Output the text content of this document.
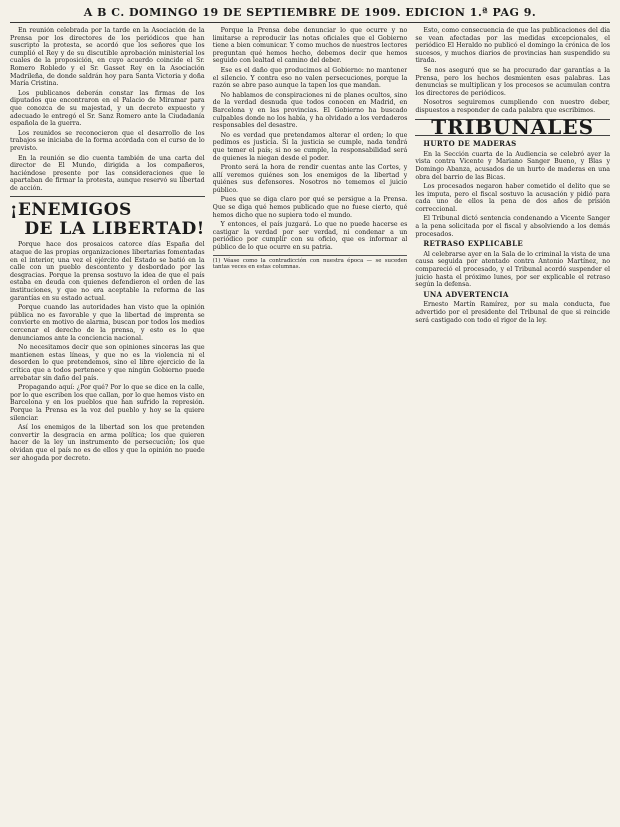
A B C. DOMINGO 19 DE SEPTIEMBRE DE 1909. EDICION 1.ª PAG 9.

En reunión celebrada por la tarde en la Asociación de la Prensa por los directores de los periódicos que han suscripto la protesta, se acordó que los señores que los cumplió el Rey y de su discutible aprobación ministerial los cuales de la proposición, en cuyo acuerdo coincide el Sr. Romero Robledo y el Sr. Gasset Rey en la Asociación Madrileña, de donde saldrán hoy para Santa Victoria y doña María Cristina.

Los publicanos deberán constar las firmas de los diputados que encontraron en el Palacio de Miramar para que conozca de su majestad, y un decreto expuesto y adecuado le entregó el Sr. Sanz Romero ante la Ciudadanía española de la guerra.

Los reunidos se reconocieron que el desarrollo de los trabajos se iniciaba de la forma acordada con el curso de lo previsto.

En la reunión se dio cuenta también de una carta del director de El Mundo, dirigida a los compañeros, haciéndose presente por las consideraciones que le apartaban de firmar la protesta, aunque reservó su libertad de acción.

¡ENEMIGOS
DE LA LIBERTAD!

Porque hace dos prosaicos catorce días España del ataque de las propias organizaciones libertarias fomentadas en el interior, una vez el ejército del Estado se batió en la calle con un pueblo descontento y desbordado por las desgracias. Porque la prensa sostuvo la idea de que el país estaba en deuda con quienes defendieron el orden de las instituciones, y que no era aceptable la reforma de las garantías en su estado actual.

Porque cuando las autoridades han visto que la opinión pública no es favorable y que la libertad de imprenta se convierte en motivo de alarma, buscan por todos los medios cercenar el derecho de la prensa, y esto es lo que denunciamos ante la conciencia nacional.

No necesitamos decir que son opiniones sinceras las que mantienen estas líneas, y que no es la violencia ni el desorden lo que pretendemos, sino el libre ejercicio de la crítica que a todos pertenece y que ningún Gobierno puede arrebatar sin daño del país.

Propagando aquí: ¿Por qué? Por lo que se dice en la calle, por lo que escriben los que callan, por lo que hemos visto en Barcelona y en los pueblos que han sufrido la represión. Porque la Prensa es la voz del pueblo y hoy se la quiere silenciar.

Así los enemigos de la libertad son los que pretenden convertir la desgracia en arma política; los que quieren hacer de la ley un instrumento de persecución; los que olvidan que el país no es de ellos y que la opinión no puede ser ahogada por decreto.

Porque la Prensa debe denunciar lo que ocurre y no limitarse a reproducir las notas oficiales que el Gobierno tiene a bien comunicar. Y como muchos de nuestros lectores preguntan qué hemos hecho, debemos decir que hemos seguido con lealtad el camino del deber.

Ese es el daño que producimos al Gobierno: no mantener el silencio. Y contra eso no valen persecuciones, porque la razón se abre paso aunque la tapen los que mandan.

No hablamos de conspiraciones ni de planes ocultos, sino de la verdad desnuda que todos conocen en Madrid, en Barcelona y en las provincias. El Gobierno ha buscado culpables donde no los había, y ha olvidado a los verdaderos responsables del desastre.

No es verdad que pretendamos alterar el orden; lo que pedimos es justicia. Si la justicia se cumple, nada tendrá que temer el país; si no se cumple, la responsabilidad será de quienes la niegan desde el poder.

Pronto será la hora de rendir cuentas ante las Cortes, y allí veremos quiénes son los enemigos de la libertad y quiénes sus defensores. Nosotros no tememos el juicio público.

Pues que se diga claro por qué se persigue a la Prensa. Que se diga qué hemos publicado que no fuese cierto, qué hemos dicho que no supiera todo el mundo.

Y entonces, el país juzgará. Lo que no puede hacerse es castigar la verdad por ser verdad, ni condenar a un periódico por cumplir con su oficio, que es informar al público de lo que ocurre en su patria.

(1) Véase como la contradicción con nuestra época — se suceden tantas veces en estas columnas.

Esto, como consecuencia de que las publicaciones del día se vean afectadas por las medidas excepcionales, el periódico El Heraldo no publicó el domingo la crónica de los sucesos, y muchos diarios de provincias han suspendido su tirada.

Se nos aseguró que se ha procurado dar garantías a la Prensa, pero los hechos desmienten esas palabras. Las denuncias se multiplican y los procesos se acumulan contra los directores de periódicos.

Nosotros seguiremos cumpliendo con nuestro deber, dispuestos a responder de cada palabra que escribimos.

TRIBUNALES

HURTO DE MADERAS

En la Sección cuarta de la Audiencia se celebró ayer la vista contra Vicente y Mariano Sanger Bueno, y Blas y Domingo Abanza, acusados de un hurto de maderas en una obra del barrio de las Bicas.

Los procesados negaron haber cometido el delito que se les imputa, pero el fiscal sostuvo la acusación y pidió para cada uno de ellos la pena de dos años de prisión correccional.

El Tribunal dictó sentencia condenando a Vicente Sanger a la pena solicitada por el fiscal y absolviendo a los demás procesados.

RETRASO EXPLICABLE

Al celebrarse ayer en la Sala de lo criminal la vista de una causa seguida por atentado contra Antonio Martínez, no compareció el procesado, y el Tribunal acordó suspender el juicio hasta el próximo lunes, por ser explicable el retraso según la defensa.

UNA ADVERTENCIA

Ernesto Martín Ramírez, por su mala conducta, fue advertido por el presidente del Tribunal de que si reincide será castigado con todo el rigor de la ley.
